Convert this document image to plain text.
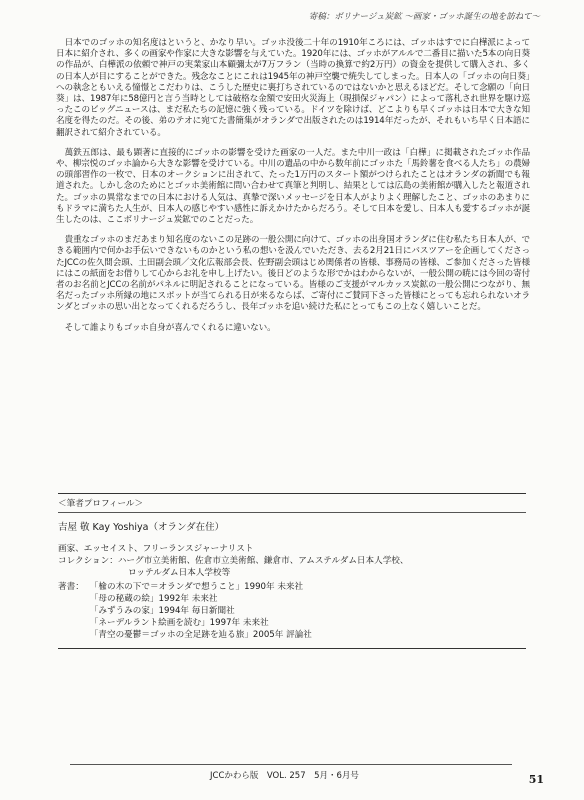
寄稿：ボリナージュ炭鉱 〜画家・ゴッホ誕生の地を訪ねて〜

日本でのゴッホの知名度はというと、かなり早い。ゴッホ没後二十年の1910年ころには、ゴッホはすでに白樺派によって日本に紹介され、多くの画家や作家に大きな影響を与えていた。1920年には、ゴッホがアルルで二番目に描いた5本の向日葵の作品が、白樺派の依頼で神戸の実業家山本顧彌太が7万フラン（当時の換算で約2万円）の資金を提供して購入され、多くの日本人が目にすることができた。残念なことにこれは1945年の神戸空襲で焼失してしまった。日本人の「ゴッホの向日葵」への執念ともいえる憧憬とこだわりは、こうした歴史に裏打ちされているのではないかと思えるほどだ。そして念願の「向日葵」は、1987年に58億円と言う当時としては破格な金額で安田火災海上（現損保ジャパン）によって落札され世界を駆け巡ったこのビッグニュースは、まだ私たちの記憶に強く残っている。ドイツを除けば、どこよりも早くゴッホは日本で大きな知名度を得たのだ。その後、弟のテオに宛てた書簡集がオランダで出版されたのは1914年だったが、それもいち早く日本語に翻訳されて紹介されている。

萬鉄五郎は、最も顕著に直接的にゴッホの影響を受けた画家の一人だ。また中川一政は「白樺」に掲載されたゴッホ作品や、柳宗悦のゴッホ論から大きな影響を受けている。中川の遺品の中から数年前にゴッホた「馬鈴薯を食べる人たち」の農婦の頭部習作の一枚で、日本のオークションに出されて、たった1万円のスタート額がつけられたことはオランダの新聞でも報道された。しかし念のためにとゴッホ美術館に問い合わせて真筆と判明し、結果としては広島の美術館が購入したと報道された。ゴッホの異常なまでの日本における人気は、真摯で深いメッセージを日本人がよりよく理解したこと、ゴッホのあまりにもドラマに満ちた人生が、日本人の感じやすい感性に訴えかけたからだろう。そして日本を愛し、日本人も愛するゴッホが誕生したのは、ここボリナージュ炭鉱でのことだった。

貴重なゴッホのまだあまり知名度のないこの足跡の一般公開に向けて、ゴッホの出身国オランダに住む私たち日本人が、できる範囲内で何かお手伝いできないものかという私の想いを汲んでいただき、去る2月21日にバスツアーを企画してくださったJCCの佐久間会頭、土田副会頭／文化広報部会長、佐野副会頭はじめ関係者の皆様、事務局の皆様、ご参加くださった皆様にはこの紙面をお借りして心からお礼を申し上げたい。後日どのような形でかはわからないが、一般公開の暁には今回の寄付者のお名前とJCCの名前がパネルに明記されることになっている。皆様のご支援がマルカッス炭鉱の一般公開につながり、無名だったゴッホ所縁の地にスポットが当てられる日が来るならば、ご寄付にご賛同下さった皆様にとっても忘れられないオランダとゴッホの思い出となってくれるだろうし、長年ゴッホを追い続けた私にとってもこの上なく嬉しいことだ。

そして誰よりもゴッホ自身が喜んでくれるに違いない。

＜筆者プロフィール＞
吉屋 敬 Kay Yoshiya（オランダ在住）
画家、エッセイスト、フリーランスジャーナリスト
コレクション： ハーグ市立美術館、佐倉市立美術館、鎌倉市、アムステルダム日本人学校、
ロッテルダム日本人学校等
著書： 「楡の木の下で＝オランダで想うこと」1990年 未来社
「母の秘蔵の絵」1992年 未来社
「みずうみの家」1994年 毎日新聞社
「ネーデルラント絵画を読む」1997年 未来社
「青空の憂鬱＝ゴッホの全足跡を辿る旅」2005年 評論社
JCCかわら版　VOL. 257　5月・6月号	51
